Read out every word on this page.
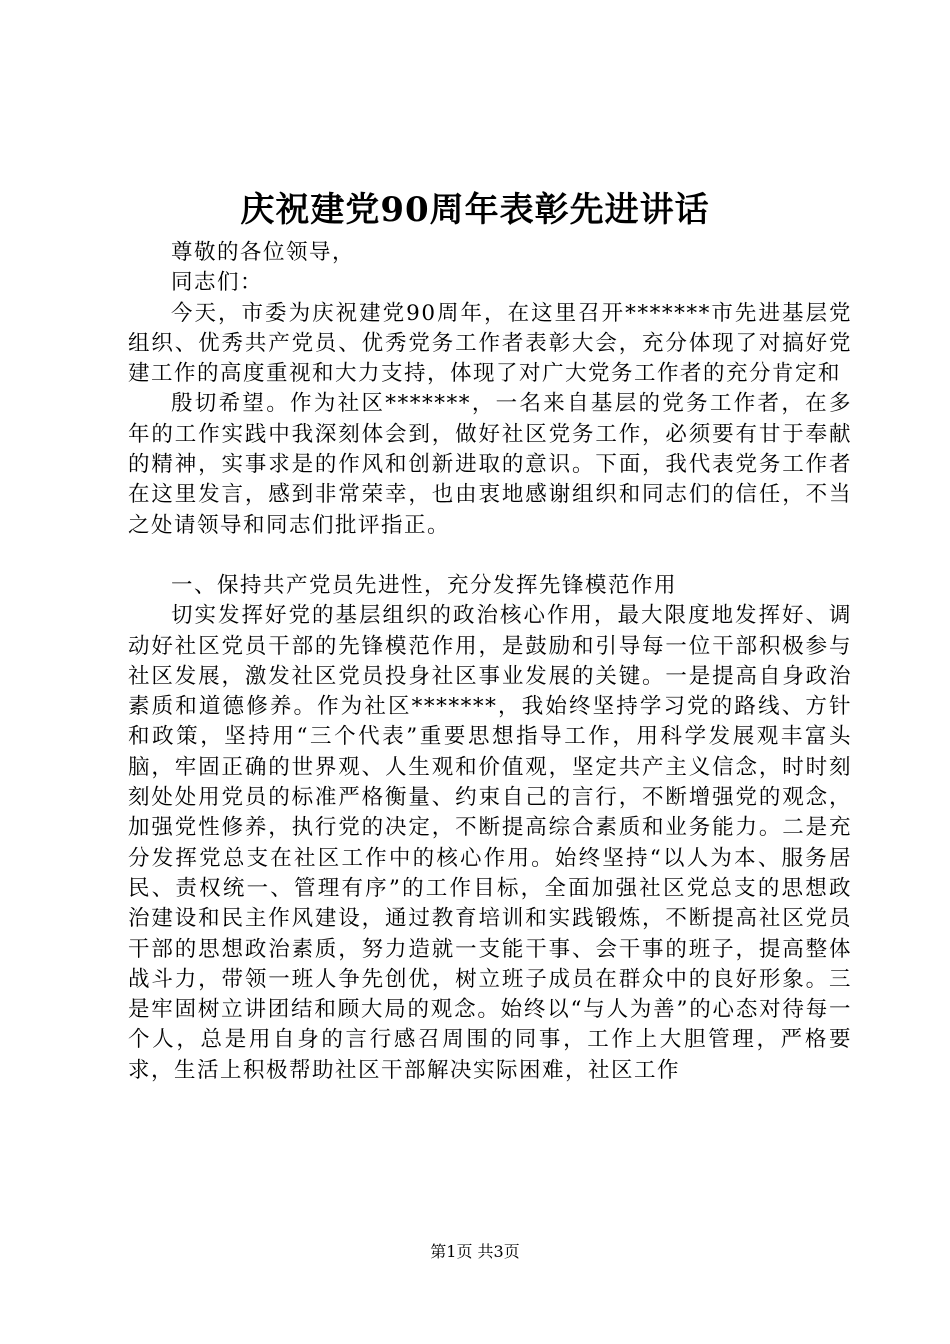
庆祝建党90周年表彰先进讲话

尊敬的各位领导，

同志们：

今天，市委为庆祝建党90周年，在这里召开*******市先进基层党组织、优秀共产党员、优秀党务工作者表彰大会，充分体现了对搞好党建工作的高度重视和大力支持，体现了对广大党务工作者的充分肯定和

殷切希望。作为社区*******，一名来自基层的党务工作者，在多年的工作实践中我深刻体会到，做好社区党务工作，必须要有甘于奉献的精神，实事求是的作风和创新进取的意识。下面，我代表党务工作者在这里发言，感到非常荣幸，也由衷地感谢组织和同志们的信任，不当之处请领导和同志们批评指正。

一、保持共产党员先进性，充分发挥先锋模范作用

切实发挥好党的基层组织的政治核心作用，最大限度地发挥好、调动好社区党员干部的先锋模范作用，是鼓励和引导每一位干部积极参与社区发展，激发社区党员投身社区事业发展的关键。一是提高自身政治素质和道德修养。作为社区*******，我始终坚持学习党的路线、方针和政策，坚持用“三个代表”重要思想指导工作，用科学发展观丰富头脑，牢固正确的世界观、人生观和价值观，坚定共产主义信念，时时刻刻处处用党员的标准严格衡量、约束自己的言行，不断增强党的观念，加强党性修养，执行党的决定，不断提高综合素质和业务能力。二是充分发挥党总支在社区工作中的核心作用。始终坚持“以人为本、服务居民、责权统一、管理有序”的工作目标，全面加强社区党总支的思想政治建设和民主作风建设，通过教育培训和实践锻炼，不断提高社区党员干部的思想政治素质，努力造就一支能干事、会干事的班子，提高整体战斗力，带领一班人争先创优，树立班子成员在群众中的良好形象。三是牢固树立讲团结和顾大局的观念。始终以“与人为善”的心态对待每一个人，总是用自身的言行感召周围的同事，工作上大胆管理，严格要求，生活上积极帮助社区干部解决实际困难，社区工作

第1页 共3页
